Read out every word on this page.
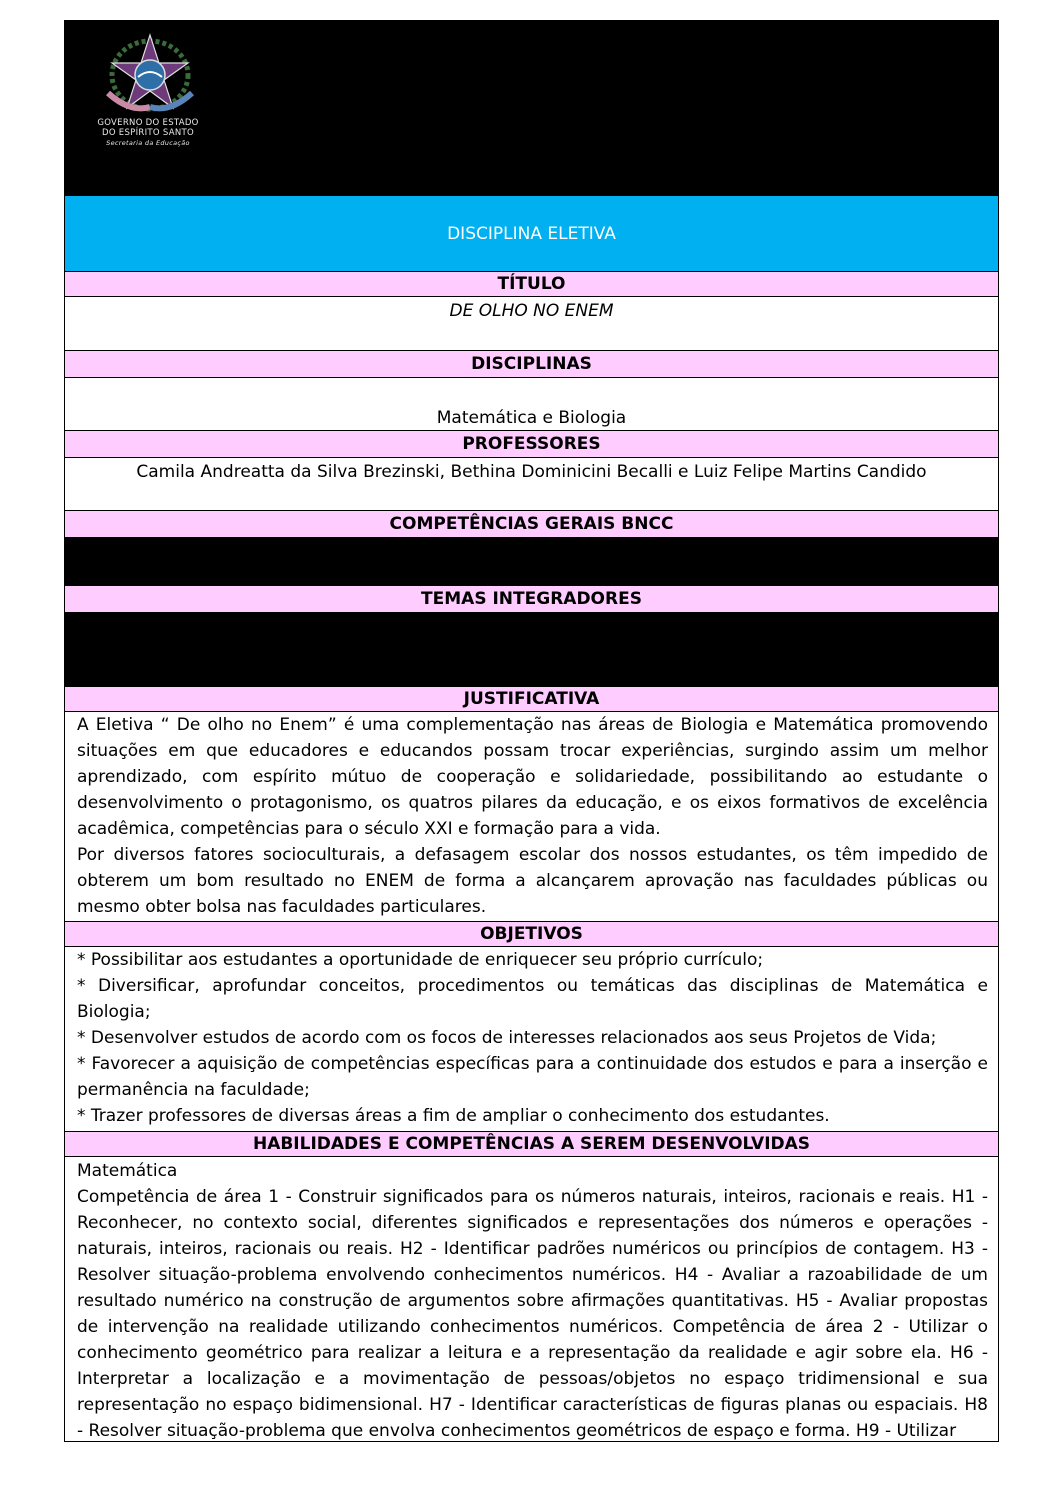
GOVERNO DO ESTADO
DO ESPÍRITO SANTO
Secretaria da Educação
DISCIPLINA ELETIVA
TÍTULO
DE OLHO NO ENEM
DISCIPLINAS
Matemática e Biologia
PROFESSORES
Camila Andreatta da Silva Brezinski, Bethina Dominicini Becalli e Luiz Felipe Martins Candido
COMPETÊNCIAS GERAIS BNCC
TEMAS INTEGRADORES
JUSTIFICATIVA

A Eletiva “ De olho no Enem” é uma complementação nas áreas de Biologia e Matemática promovendo situações em que educadores e educandos possam trocar experiências, surgindo assim um melhor aprendizado, com espírito mútuo de cooperação e solidariedade, possibilitando ao estudante o desenvolvimento o protagonismo, os quatros pilares da educação, e os eixos formativos de excelência acadêmica, competências para o século XXI e formação para a vida.

Por diversos fatores socioculturais, a defasagem escolar dos nossos estudantes, os têm impedido de obterem um bom resultado no ENEM de forma a alcançarem aprovação nas faculdades públicas ou mesmo obter bolsa nas faculdades particulares.

OBJETIVOS

* Possibilitar aos estudantes a oportunidade de enriquecer seu próprio currículo;

* Diversificar, aprofundar conceitos, procedimentos ou temáticas das disciplinas de Matemática e Biologia;

* Desenvolver estudos de acordo com os focos de interesses relacionados aos seus Projetos de Vida;

* Favorecer a aquisição de competências específicas para a continuidade dos estudos e para a inserção e permanência na faculdade;

* Trazer professores de diversas áreas a fim de ampliar o conhecimento dos estudantes.

HABILIDADES E COMPETÊNCIAS A SEREM DESENVOLVIDAS

Matemática

Competência de área 1 - Construir significados para os números naturais, inteiros, racionais e reais. H1 - Reconhecer, no contexto social, diferentes significados e representações dos números e operações - naturais, inteiros, racionais ou reais. H2 - Identificar padrões numéricos ou princípios de contagem. H3 - Resolver situação-problema envolvendo conhecimentos numéricos. H4 - Avaliar a razoabilidade de um resultado numérico na construção de argumentos sobre afirmações quantitativas. H5 - Avaliar propostas de intervenção na realidade utilizando conhecimentos numéricos. Competência de área 2 - Utilizar o conhecimento geométrico para realizar a leitura e a representação da realidade e agir sobre ela. H6 - Interpretar a localização e a movimentação de pessoas/objetos no espaço tridimensional e sua representação no espaço bidimensional. H7 - Identificar características de figuras planas ou espaciais. H8 - Resolver situação-problema que envolva conhecimentos geométricos de espaço e forma. H9 - Utilizar
